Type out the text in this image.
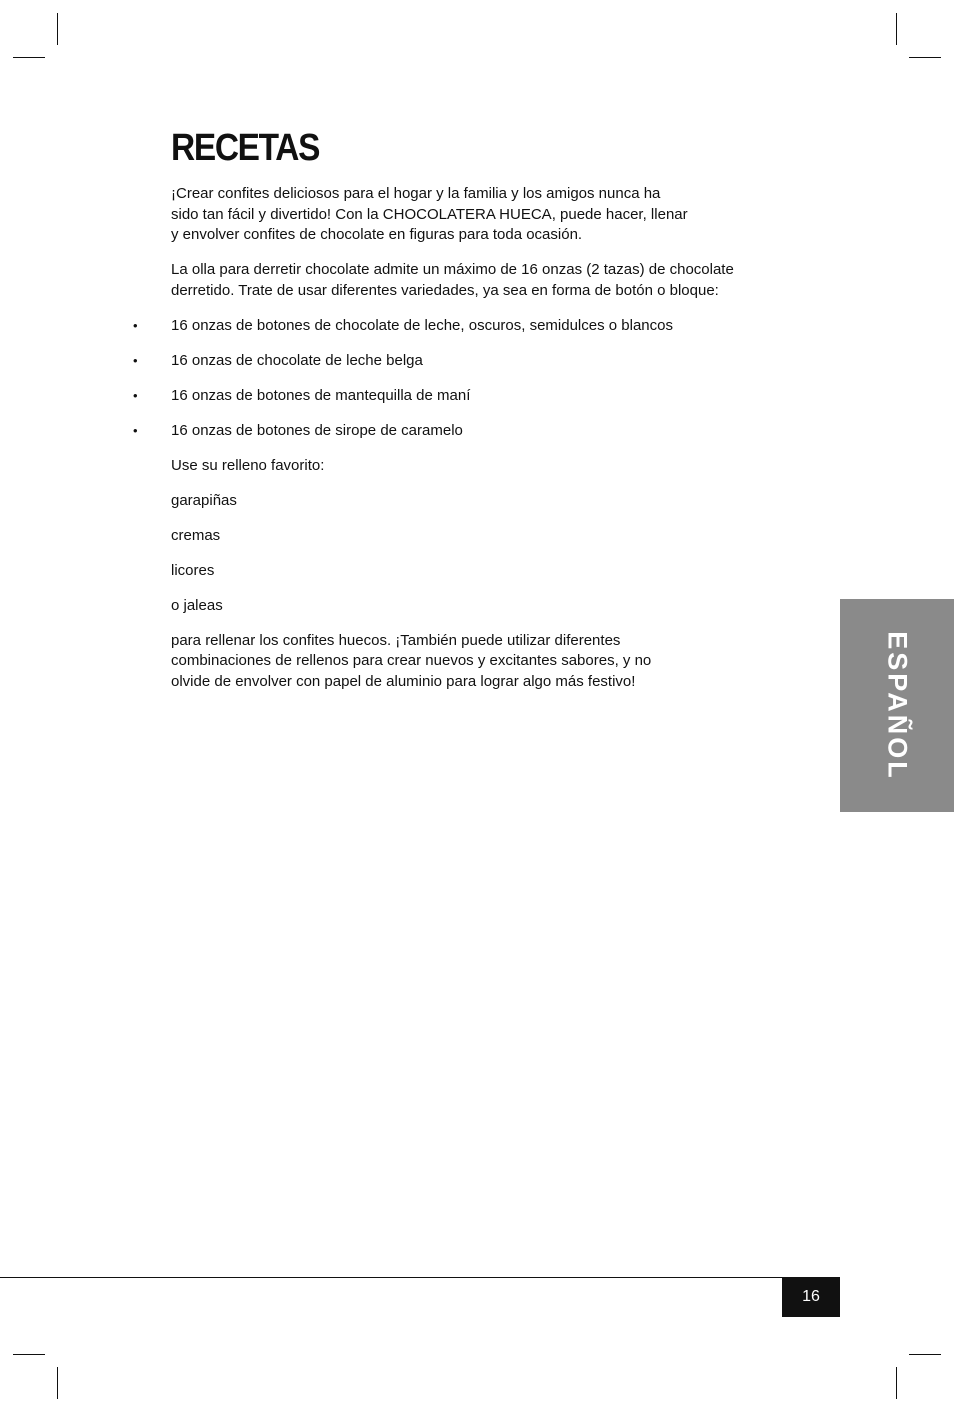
RECETAS

¡Crear confites deliciosos para el hogar y la familia y los amigos nunca ha
sido tan fácil y divertido! Con la CHOCOLATERA HUECA, puede hacer, llenar
y envolver confites de chocolate en figuras para toda ocasión.

La olla para derretir chocolate admite un máximo de 16 onzas (2 tazas) de chocolate
derretido. Trate de usar diferentes variedades, ya sea en forma de botón o bloque:

• 16 onzas de botones de chocolate de leche, oscuros, semidulces o blancos
• 16 onzas de chocolate de leche belga
• 16 onzas de botones de mantequilla de maní
• 16 onzas de botones de sirope de caramelo

Use su relleno favorito:

garapiñas

cremas

licores

o jaleas

para rellenar los confites huecos. ¡También puede utilizar diferentes
combinaciones de rellenos para crear nuevos y excitantes sabores, y no
olvide de envolver con papel de aluminio para lograr algo más festivo!	ESPAÑOL
16
